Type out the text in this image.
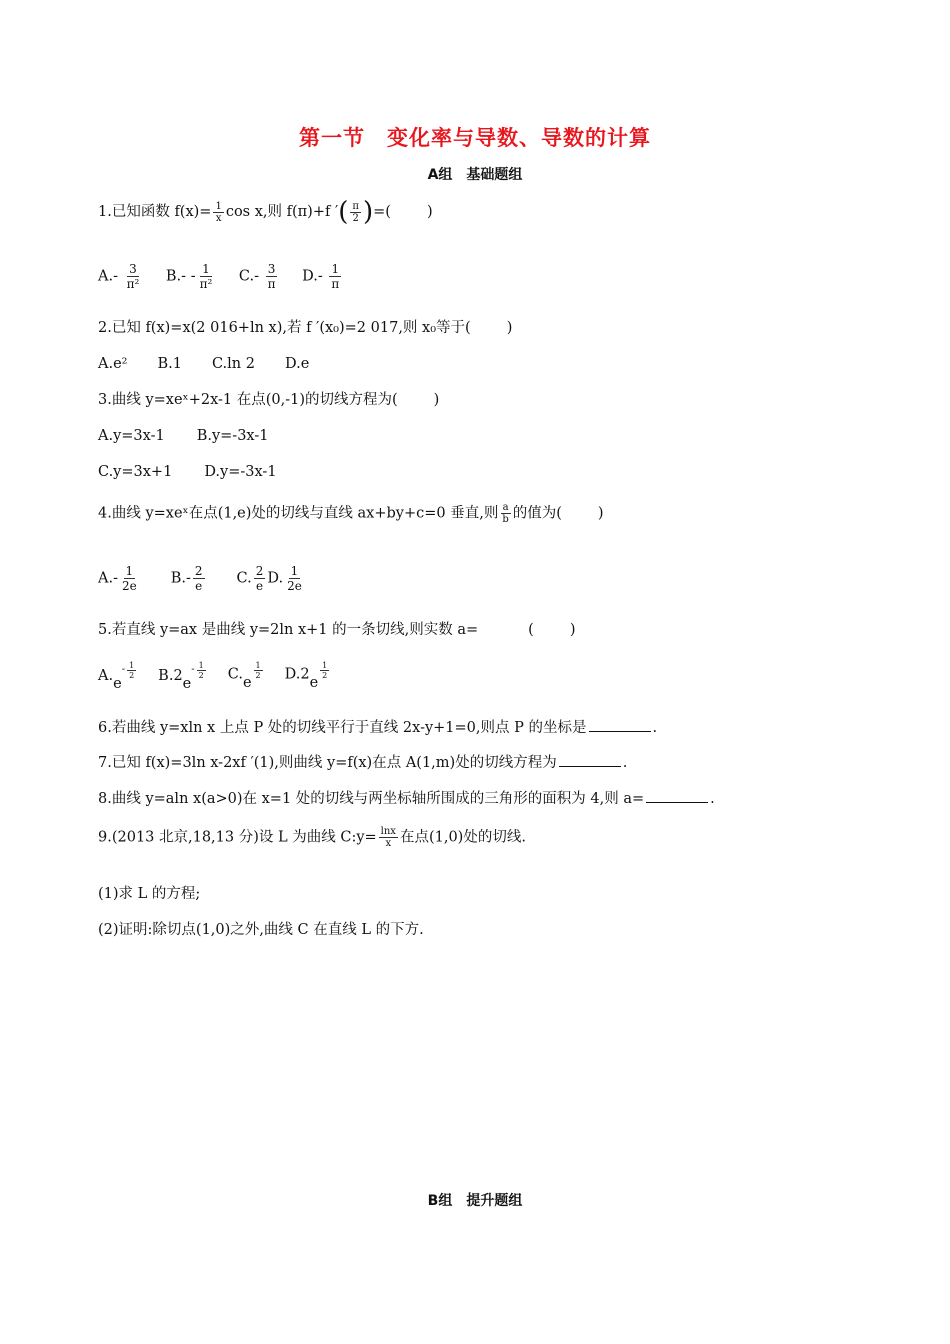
第一节 变化率与导数、导数的计算
A组 基础题组
1.已知函数 $f(x)= \frac{1}{x}$ cos x,则 f(π)+f ′( $\frac{\pi}{2}$ )=( )
$A.- \frac{3}{\text{π²}} B.- - \frac{1}{\text{π²}} C.- \frac{3}{\pi} D.- \frac{1}{\pi}$
2.已知 f(x)=x(2 016+ln x),若 f ′(x₀)=2 017,则 x₀等于( )
A.e² B.1 C.ln 2 D.e
3.曲线 y=xeˣ+2x-1 在点(0,-1)的切线方程为( )
A.y=3x-1 B.y=-3x-1
C.y=3x+1 D.y=-3x-1
4.曲线 y=xeˣ在点(1,e)处的切线与直线 ax+by+c=0 垂直,则 $\frac{a}{b}$ 的值为( )
$A.- \frac{1}{2e} B.- \frac{2}{e} C$. $\frac{2}{e} D$. $\frac{1}{2e}$
5.若直线 y=ax 是曲线 y=2ln x+1 的一条切线,则实数 a=	( )
A.e
- $\frac{1}{2} B.2e$
- $\frac{1}{2} C.e$
$\frac{1}{2} D.2e$
$\frac{1}{2}$
6.若曲线 y=xln x 上点 P 处的切线平行于直线 2x-y+1=0,则点 P 的坐标是	.
7.已知 f(x)=3ln x-2xf ′(1),则曲线 y=f(x)在点 A(1,m)处的切线方程为	.
8.曲线 y=aln x(a>0)在 x=1 处的切线与两坐标轴所围成的三角形的面积为 4,则 a=	.
9.(2013 北京,18,13 分)设 L 为曲线 C:y= $\frac{\ln x}{x}$ 在点(1,0)处的切线.
(1)求 L 的方程;
(2)证明:除切点(1,0)之外,曲线 C 在直线 L 的下方.
B组 提升题组
